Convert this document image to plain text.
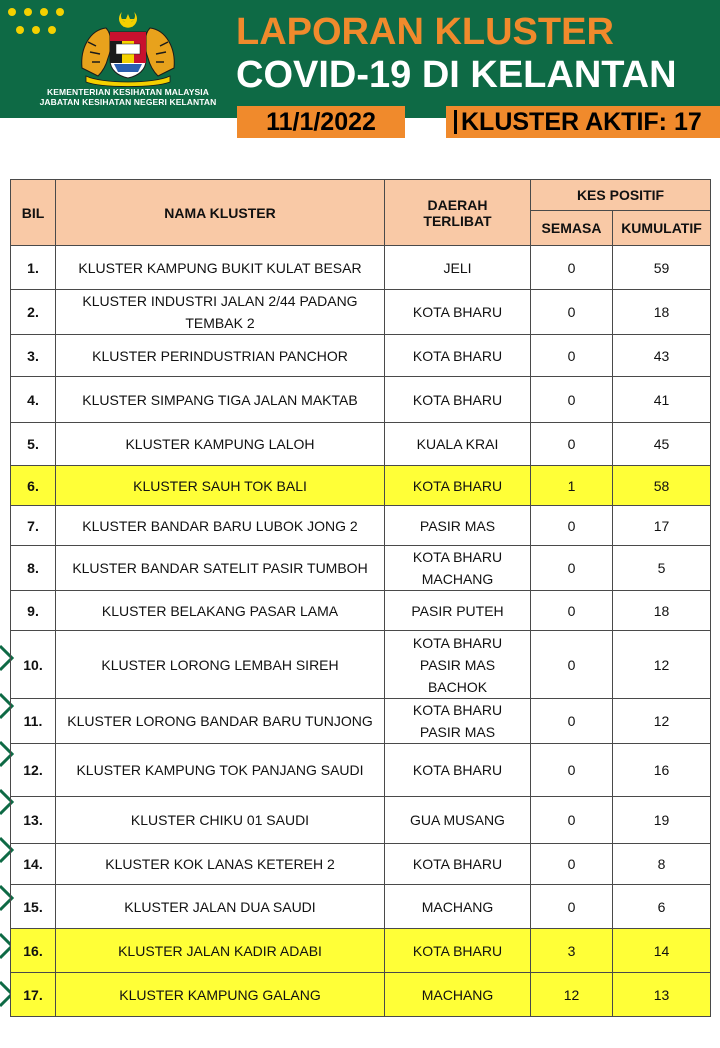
KEMENTERIAN KESIHATAN MALAYSIA
JABATAN KESIHATAN NEGERI KELANTAN
LAPORAN KLUSTER
COVID-19 DI KELANTAN
11/1/2022	KLUSTER AKTIF: 17
BIL	NAMA KLUSTER	DAERAH
TERLIBAT	KES POSITIF	
			SEMASA	KUMULATIF
1.	KLUSTER KAMPUNG BUKIT KULAT BESAR	JELI	0	59
2.	KLUSTER INDUSTRI JALAN 2/44 PADANG TEMBAK 2	KOTA BHARU	0	18
3.	KLUSTER PERINDUSTRIAN PANCHOR	KOTA BHARU	0	43
4.	KLUSTER SIMPANG TIGA JALAN MAKTAB	KOTA BHARU	0	41
5.	KLUSTER KAMPUNG LALOH	KUALA KRAI	0	45
6.	KLUSTER SAUH TOK BALI	KOTA BHARU	1	58
7.	KLUSTER BANDAR BARU LUBOK JONG 2	PASIR MAS	0	17
8.	KLUSTER BANDAR SATELIT PASIR TUMBOH	KOTA BHARU
MACHANG	0	5
9.	KLUSTER BELAKANG PASAR LAMA	PASIR PUTEH	0	18
10.	KLUSTER LORONG LEMBAH SIREH	KOTA BHARU
PASIR MAS
BACHOK	0	12
11.	KLUSTER LORONG BANDAR BARU TUNJONG	KOTA BHARU
PASIR MAS	0	12
12.	KLUSTER KAMPUNG TOK PANJANG SAUDI	KOTA BHARU	0	16
13.	KLUSTER CHIKU 01 SAUDI	GUA MUSANG	0	19
14.	KLUSTER KOK LANAS KETEREH 2	KOTA BHARU	0	8
15.	KLUSTER JALAN DUA SAUDI	MACHANG	0	6
16.	KLUSTER JALAN KADIR ADABI	KOTA BHARU	3	14
17.	KLUSTER KAMPUNG GALANG	MACHANG	12	13
